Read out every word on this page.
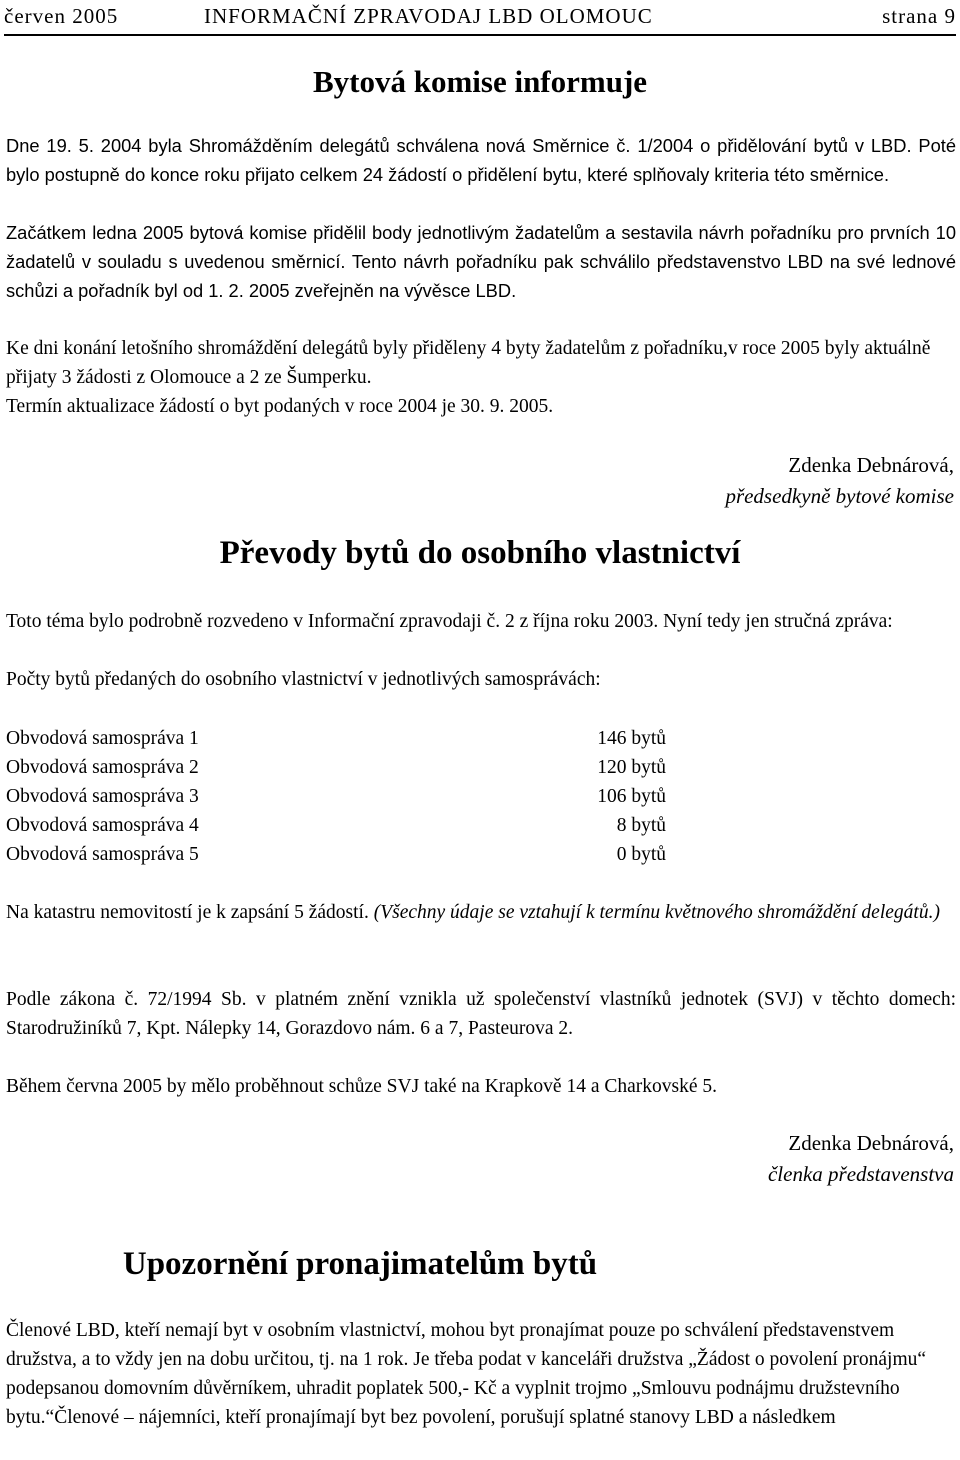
červen 2005	INFORMAČNÍ ZPRAVODAJ LBD OLOMOUC	strana 9
Bytová komise informuje
Dne 19. 5. 2004 byla Shromážděním delegátů schválena nová Směrnice č. 1/2004 o přidělování bytů v LBD. Poté bylo postupně do konce roku přijato celkem 24 žádostí o přidělení bytu, které splňovaly kriteria této směrnice.
Začátkem ledna 2005 bytová komise přidělil body jednotlivým žadatelům a sestavila návrh pořadníku pro prvních 10 žadatelů v souladu s uvedenou směrnicí. Tento návrh pořadníku pak schválilo představenstvo LBD na své lednové schůzi a pořadník byl od 1. 2. 2005 zveřejněn na vývěsce LBD.
Ke dni konání letošního shromáždění delegátů byly přiděleny 4 byty žadatelům z pořadníku,v roce 2005 byly aktuálně přijaty 3 žádosti z Olomouce a 2 ze Šumperku.
Termín aktualizace žádostí o byt podaných v roce 2004 je 30. 9. 2005.
Zdenka Debnárová,
předsedkyně bytové komise
Převody bytů do osobního vlastnictví
Toto téma bylo podrobně rozvedeno v Informační zpravodaji č. 2 z října roku 2003. Nyní tedy jen stručná zpráva:
Počty bytů předaných do osobního vlastnictví v jednotlivých samosprávách:
Obvodová samospráva 1	146 bytů
Obvodová samospráva 2	120 bytů
Obvodová samospráva 3	106 bytů
Obvodová samospráva 4	8 bytů
Obvodová samospráva 5	0 bytů
Na katastru nemovitostí je k zapsání 5 žádostí. (Všechny údaje se vztahují k termínu květnového shromáždění delegátů.)
Podle zákona č. 72/1994 Sb. v platném znění vznikla už společenství vlastníků jednotek (SVJ) v těchto domech: Starodružiníků 7, Kpt. Nálepky 14, Gorazdovo nám. 6 a 7, Pasteurova 2.
Během června 2005 by mělo proběhnout schůze SVJ také na Krapkově 14 a Charkovské 5.
Zdenka Debnárová,
členka představenstva
Upozornění pronajimatelům bytů
Členové LBD, kteří nemají byt v osobním vlastnictví, mohou byt pronajímat pouze po schválení představenstvem družstva, a to vždy jen na dobu určitou, tj. na 1 rok. Je třeba podat v kanceláři družstva „Žádost o povolení pronájmu“ podepsanou domovním důvěrníkem, uhradit poplatek 500,- Kč a vyplnit trojmo „Smlouvu podnájmu družstevního bytu.“Členové – nájemníci, kteří pronajímají byt bez povolení, porušují splatné stanovy LBD a následkem
